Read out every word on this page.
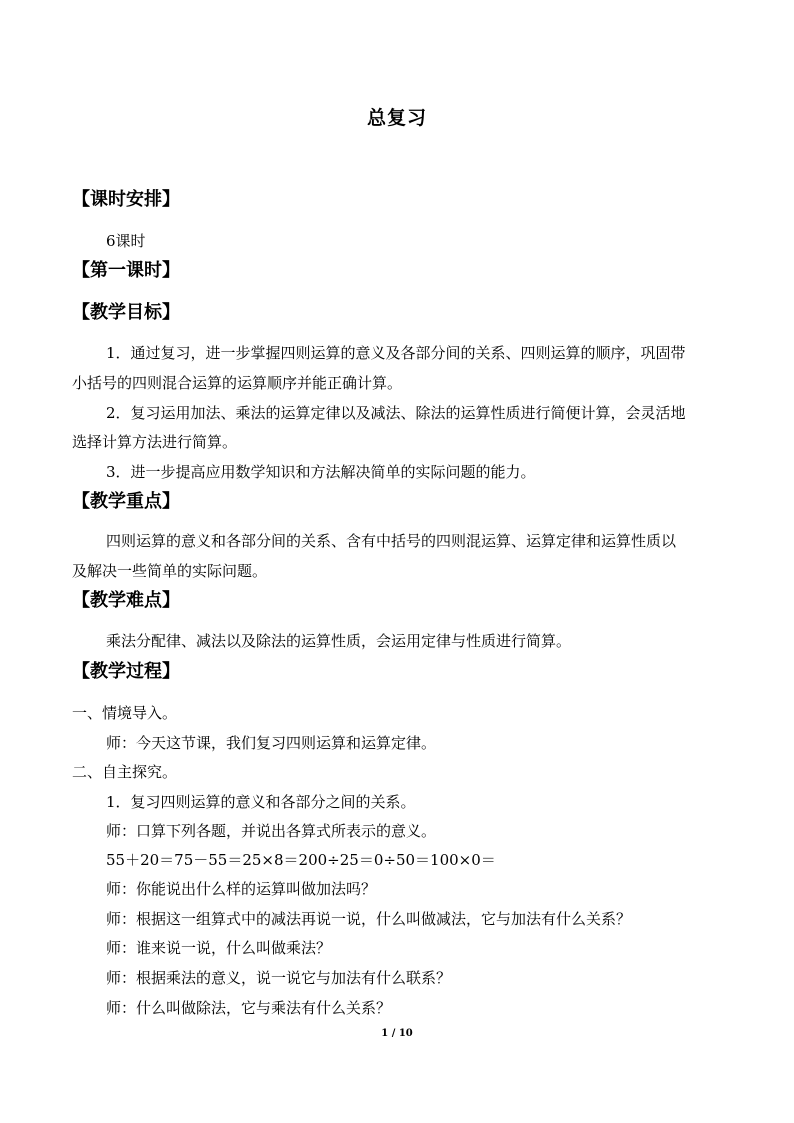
总复习
【课时安排】
6课时
【第一课时】
【教学目标】
1．通过复习，进一步掌握四则运算的意义及各部分间的关系、四则运算的顺序，巩固带
小括号的四则混合运算的运算顺序并能正确计算。
2．复习运用加法、乘法的运算定律以及减法、除法的运算性质进行简便计算，会灵活地
选择计算方法进行简算。
3．进一步提高应用数学知识和方法解决简单的实际问题的能力。
【教学重点】
四则运算的意义和各部分间的关系、含有中括号的四则混运算、运算定律和运算性质以
及解决一些简单的实际问题。
【教学难点】
乘法分配律、减法以及除法的运算性质，会运用定律与性质进行简算。
【教学过程】
一、情境导入。
师：今天这节课，我们复习四则运算和运算定律。
二、自主探究。
1．复习四则运算的意义和各部分之间的关系。
师：口算下列各题，并说出各算式所表示的意义。
55＋20＝75－55＝25×8＝200÷25＝0÷50＝100×0＝
师：你能说出什么样的运算叫做加法吗？
师：根据这一组算式中的减法再说一说，什么叫做减法，它与加法有什么关系？
师：谁来说一说，什么叫做乘法？
师：根据乘法的意义，说一说它与加法有什么联系？
师：什么叫做除法，它与乘法有什么关系？
1 / 10
